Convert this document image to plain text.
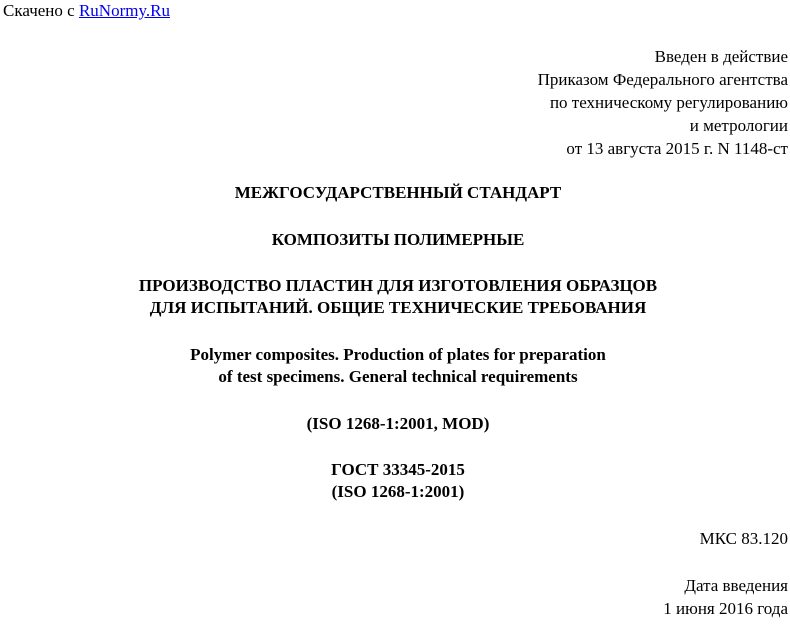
Скачено с RuNormy.Ru
Введен в действие
Приказом Федерального агентства
по техническому регулированию
и метрологии
от 13 августа 2015 г. N 1148-ст
МЕЖГОСУДАРСТВЕННЫЙ СТАНДАРТ
КОМПОЗИТЫ ПОЛИМЕРНЫЕ
ПРОИЗВОДСТВО ПЛАСТИН ДЛЯ ИЗГОТОВЛЕНИЯ ОБРАЗЦОВ
ДЛЯ ИСПЫТАНИЙ. ОБЩИЕ ТЕХНИЧЕСКИЕ ТРЕБОВАНИЯ
Polymer composites. Production of plates for preparation
of test specimens. General technical requirements
(ISO 1268-1:2001, MOD)
ГОСТ 33345-2015
(ISO 1268-1:2001)
МКС 83.120
Дата введения
1 июня 2016 года
